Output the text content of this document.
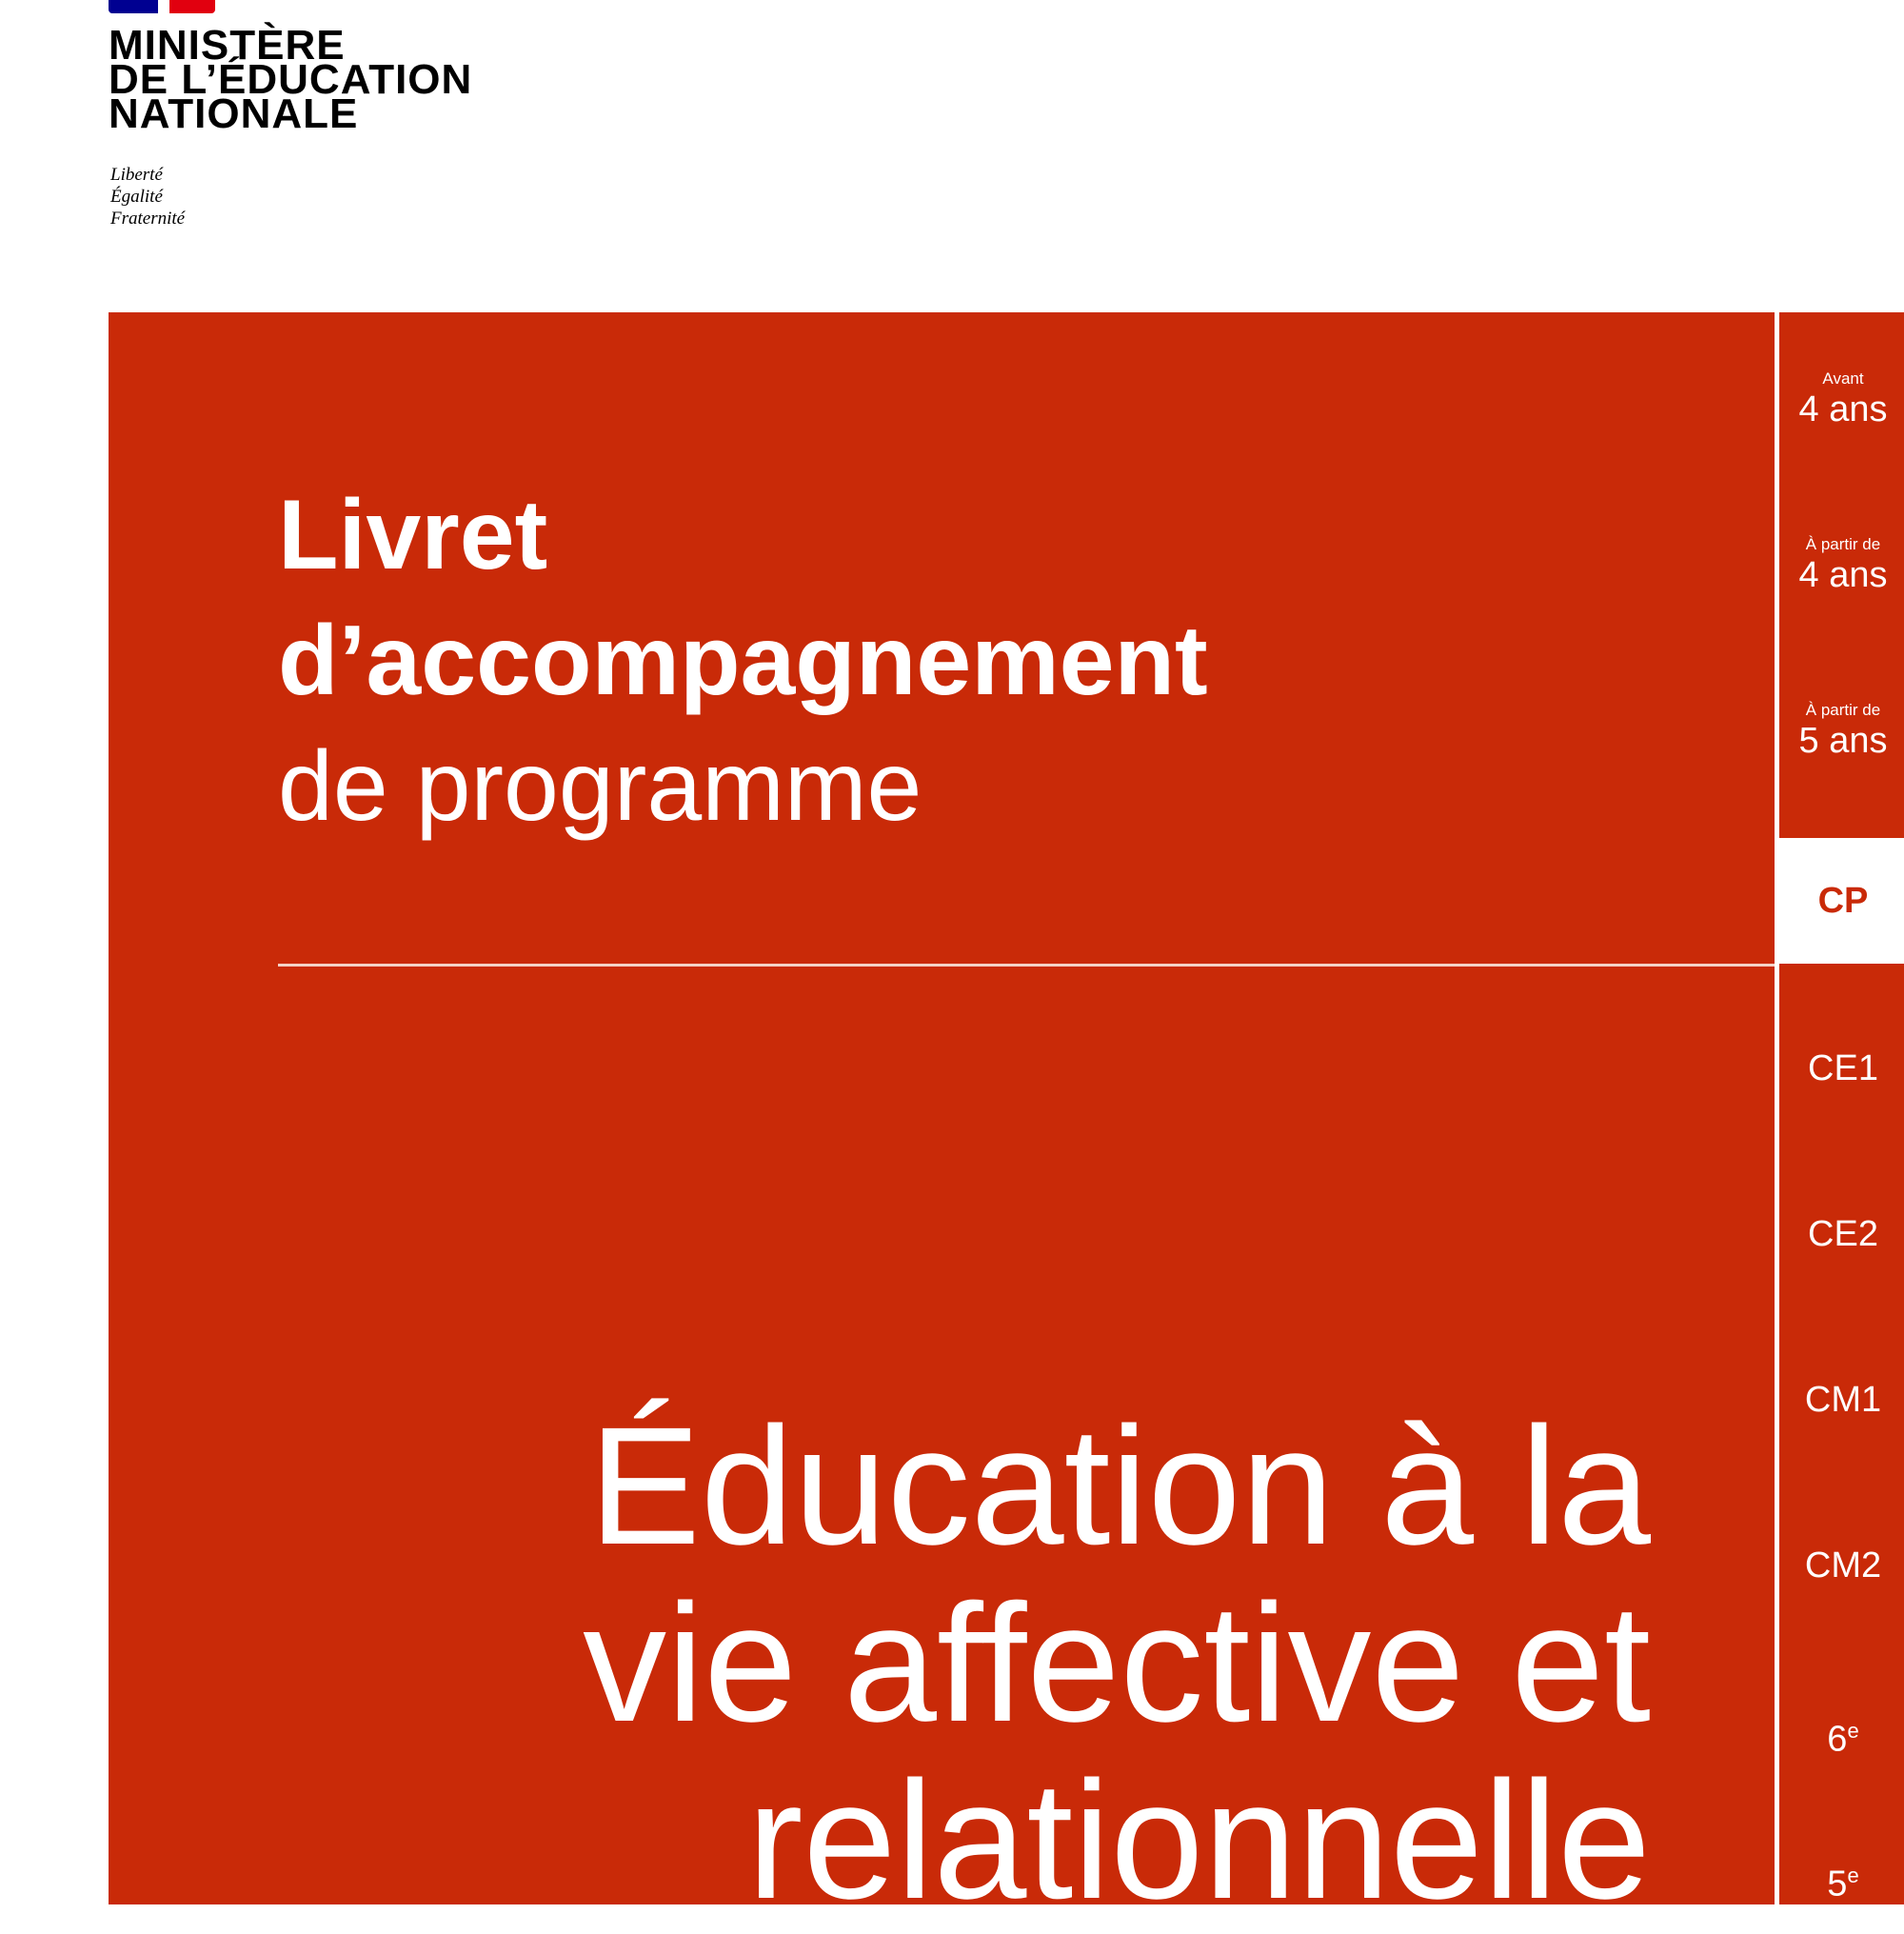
MINISTÈRE
DE L’ÉDUCATION
NATIONALE
Liberté
Égalité
Fraternité
Livret
d’accompagnement
de programme
Éducation à la
vie affective et
relationnelle
Avant
4 ans
À partir de
4 ans
À partir de
5 ans
CP
CE1
CE2
CM1
CM2
6e
5e
